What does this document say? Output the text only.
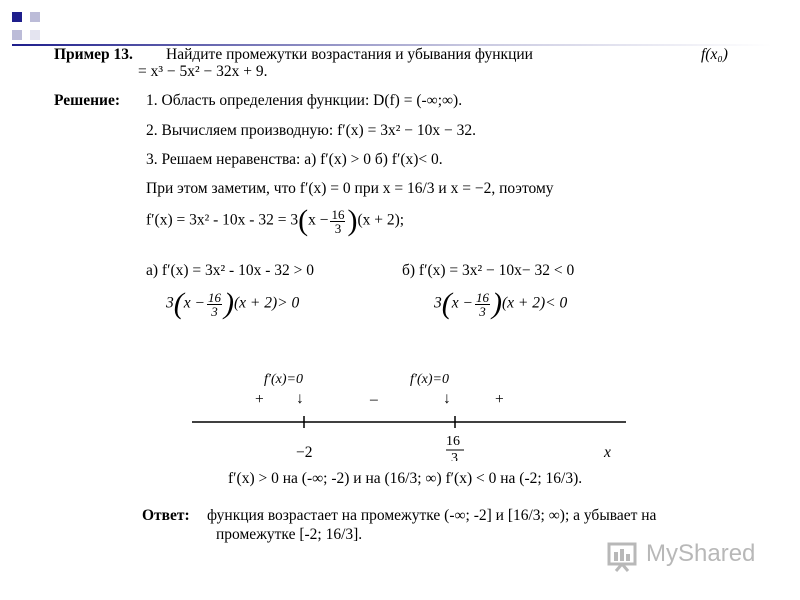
Пример 13. Найдите промежутки возрастания и убывания функции	f(x₀)
= x³ − 5x² − 32x + 9.
Решение: 1. Область определения функции: D(f) = (-∞;∞).
2. Вычисляем производную: f′(x) = 3x² − 10x − 32.
3. Решаем неравенства: а) f′(x) > 0 б) f′(x)< 0.
При этом заметим, что f′(x) = 0 при x = 16/3 и x = −2, поэтому
$f'(x) = 3x^2 - 10x - 32 = 3(x - \frac{16}{3} )(x + 2)$;
а) f′(x) = 3x² - 10x - 32 > 0	б) f′(x) = 3x² − 10x− 32 < 0
$3(x - \frac{16}{3} )(x + 2)> 0$	$3(x - \frac{16}{3} )(x + 2)< 0$
f′(x)=0	f′(x)=0
+ ↓	–	↓	+
−2
16
3	x
f′(x) > 0 на (-∞; -2) и на (16/3; ∞) f′(x) < 0 на (-2; 16/3).
Ответ: функция возрастает на промежутке (-∞; -2] и [16/3; ∞); а убывает на
промежутке [-2; 16/3].
MyShared
